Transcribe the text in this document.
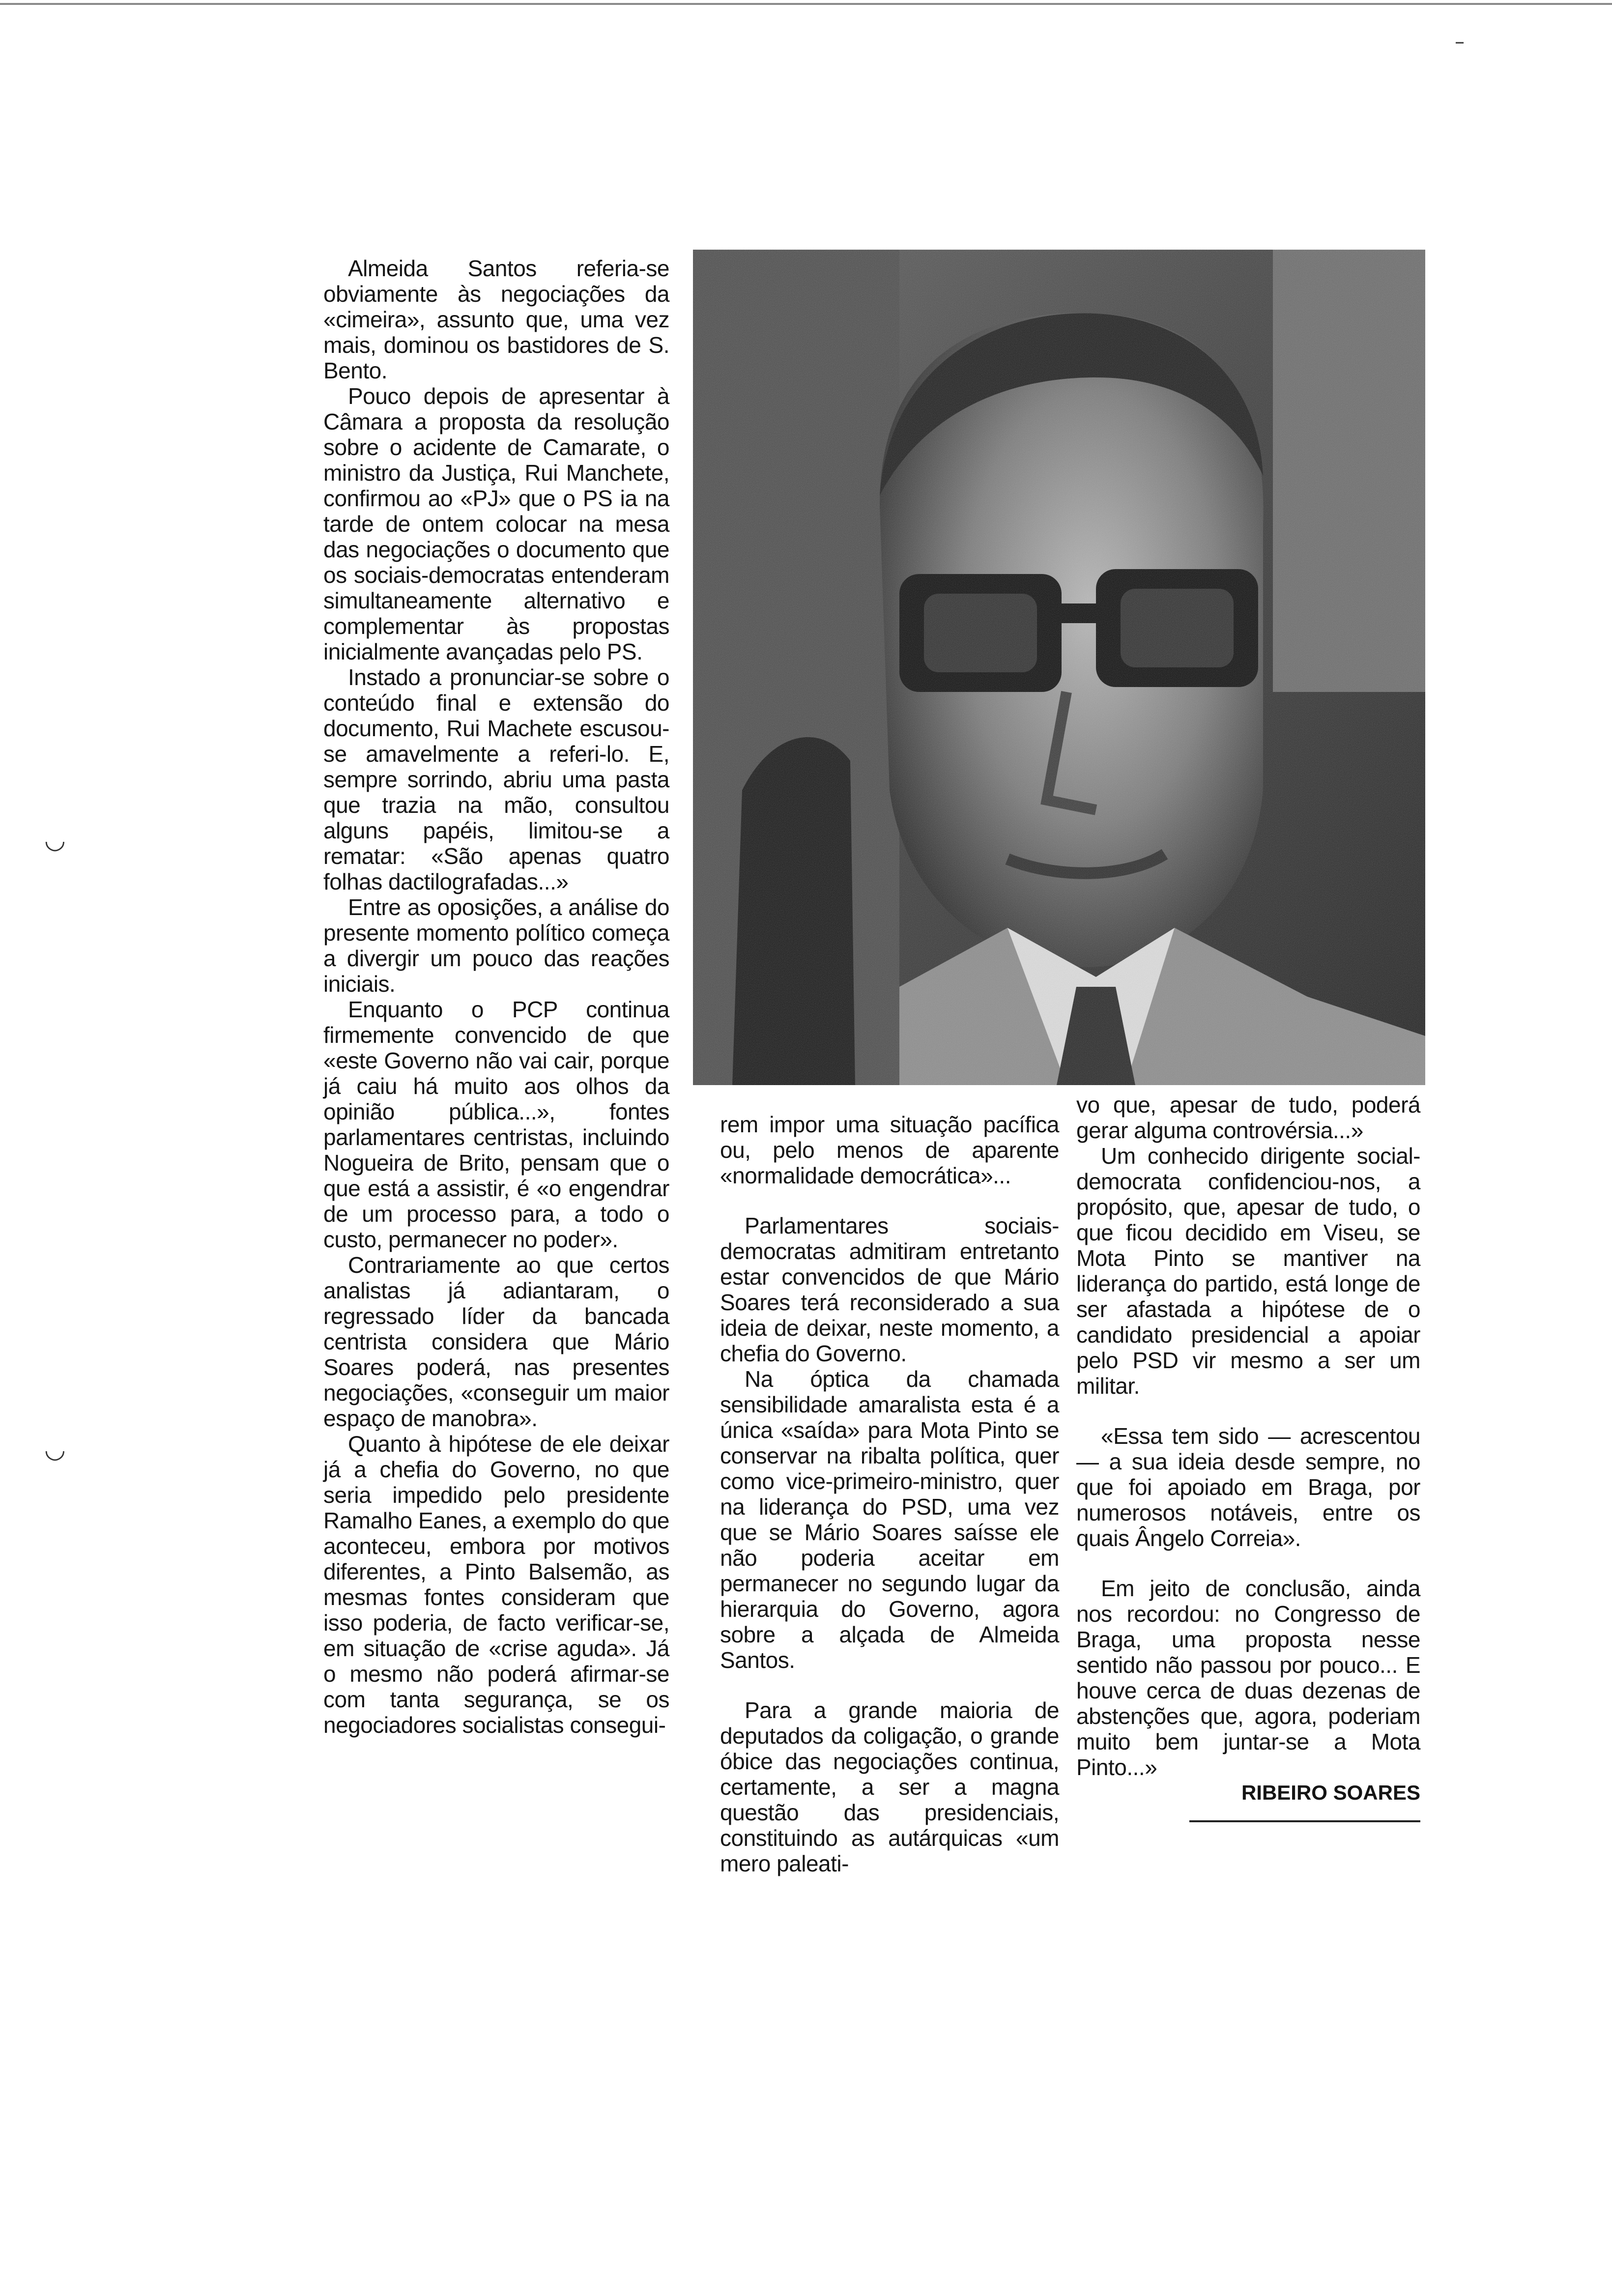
–

Almeida Santos referia-se obviamente às negociações da «cimeira», assunto que, uma vez mais, dominou os bastidores de S. Bento.

Pouco depois de apresentar à Câmara a proposta da resolução sobre o acidente de Camarate, o ministro da Justiça, Rui Manchete, confirmou ao «PJ» que o PS ia na tarde de ontem colocar na mesa das negociações o documento que os sociais-democratas entenderam simultaneamente alternativo e complementar às propostas inicialmente avançadas pelo PS.

Instado a pronunciar-se sobre o conteúdo final e extensão do documento, Rui Machete escusou-se amavelmente a referi-lo. E, sempre sorrindo, abriu uma pasta que trazia na mão, consultou alguns papéis, limitou-se a rematar: «São apenas quatro folhas dactilografadas...»

Entre as oposições, a análise do presente momento político começa a divergir um pouco das reações iniciais.

Enquanto o PCP continua firmemente convencido de que «este Governo não vai cair, porque já caiu há muito aos olhos da opinião pública...», fontes parlamentares centristas, incluindo Nogueira de Brito, pensam que o que está a assistir, é «o engendrar de um processo para, a todo o custo, permanecer no poder».

Contrariamente ao que certos analistas já adiantaram, o regressado líder da bancada centrista considera que Mário Soares poderá, nas presentes negociações, «conseguir um maior espaço de manobra».

Quanto à hipótese de ele deixar já a chefia do Governo, no que seria impedido pelo presidente Ramalho Eanes, a exemplo do que aconteceu, embora por motivos diferentes, a Pinto Balsemão, as mesmas fontes consideram que isso poderia, de facto verificar-se, em situação de «crise aguda». Já o mesmo não poderá afirmar-se com tanta segurança, se os negociadores socialistas consegui-

rem impor uma situação pacífica ou, pelo menos de aparente «normalidade democrática»...

Parlamentares sociais-democratas admitiram entretanto estar convencidos de que Mário Soares terá reconsiderado a sua ideia de deixar, neste momento, a chefia do Governo.

Na óptica da chamada sensibilidade amaralista esta é a única «saída» para Mota Pinto se conservar na ribalta política, quer como vice-primeiro-ministro, quer na liderança do PSD, uma vez que se Mário Soares saísse ele não poderia aceitar em permanecer no segundo lugar da hierarquia do Governo, agora sobre a alçada de Almeida Santos.

Para a grande maioria de deputados da coligação, o grande óbice das negociações continua, certamente, a ser a magna questão das presidenciais, constituindo as autárquicas «um mero paleati-

vo que, apesar de tudo, poderá gerar alguma controvérsia...»

Um conhecido dirigente social-democrata confidenciou-nos, a propósito, que, apesar de tudo, o que ficou decidido em Viseu, se Mota Pinto se mantiver na liderança do partido, está longe de ser afastada a hipótese de o candidato presidencial a apoiar pelo PSD vir mesmo a ser um militar.

«Essa tem sido — acrescentou — a sua ideia desde sempre, no que foi apoiado em Braga, por numerosos notáveis, entre os quais Ângelo Correia».

Em jeito de conclusão, ainda nos recordou: no Congresso de Braga, uma proposta nesse sentido não passou por pouco... E houve cerca de duas dezenas de abstenções que, agora, poderiam muito bem juntar-se a Mota Pinto...»

RIBEIRO SOARES

◡
◡
